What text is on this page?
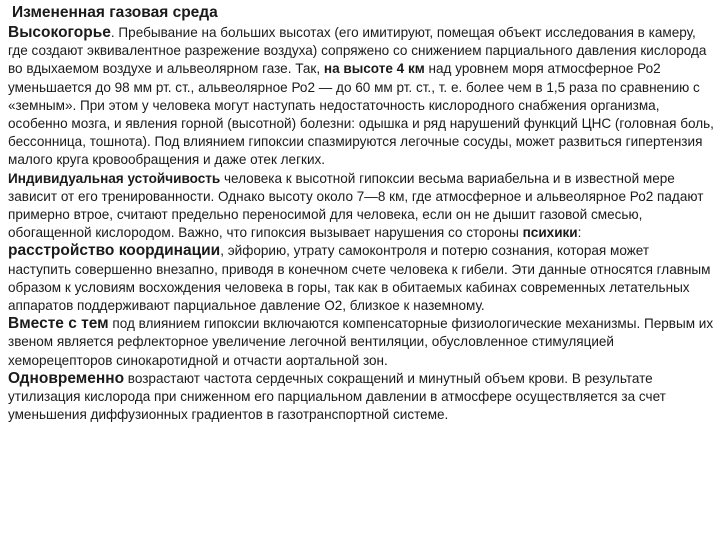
Измененная газовая среда

Высокогорье. Пребывание на больших высотах (его имитируют, помещая объект исследования в камеру, где создают эквивалентное разрежение воздуха) сопряжено со снижением парциального давления кислорода во вдыхаемом воздухе и альвеолярном газе. Так, на высоте 4 км над уровнем моря атмосферное Ро2 уменьшается до 98 мм рт. ст., альвеолярное Ро2 — до 60 мм рт. ст., т. е. более чем в 1,5 раза по сравнению с «земным». При этом у человека могут наступать недостаточность кислородного снабжения организма, особенно мозга, и явления горной (высотной) болезни: одышка и ряд нарушений функций ЦНС (головная боль, бессонница, тошнота). Под влиянием гипоксии спазмируются легочные сосуды, может развиться гипертензия малого круга кровообращения и даже отек легких.

Индивидуальная устойчивость человека к высотной гипоксии весьма вариабельна и в известной мере зависит от его тренированности. Однако высоту около 7—8 км, где атмосферное и альвеолярное Ро2 падают примерно втрое, считают предельно переносимой для человека, если он не дышит газовой смесью, обогащенной кислородом. Важно, что гипоксия вызывает нарушения со стороны психики:

расстройство координации, эйфорию, утрату самоконтроля и потерю сознания, которая может наступить совершенно внезапно, приводя в конечном счете человека к гибели. Эти данные относятся главным образом к условиям восхождения человека в горы, так как в обитаемых кабинах современных летательных аппаратов поддерживают парциальное давление О2, близкое к наземному.

Вместе с тем под влиянием гипоксии включаются компенсаторные физиологические механизмы. Первым их звеном является рефлекторное увеличение легочной вентиляции, обусловленное стимуляцией хеморецепторов синокаротидной и отчасти аортальной зон.

Одновременно возрастают частота сердечных сокращений и минутный объем крови. В результате утилизация кислорода при сниженном его парциальном давлении в атмосфере осуществляется за счет уменьшения диффузионных градиентов в газотранспортной системе.
